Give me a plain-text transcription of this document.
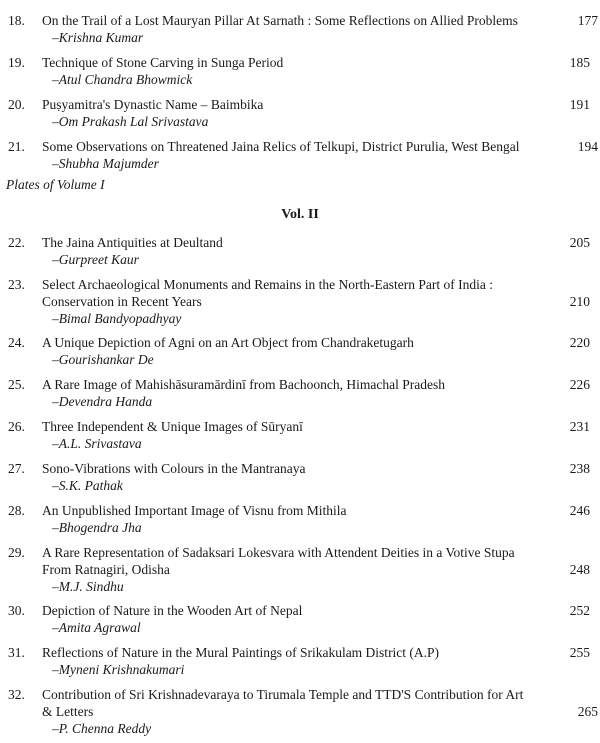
18.	On the Trail of a Lost Mauryan Pillar At Sarnath : Some Reflections on Allied Problems
–Krishna Kumar
177
19.	Technique of Stone Carving in Sunga Period
–Atul Chandra Bhowmick
185
20.	Puṣyamitra's Dynastic Name – Baimbika
–Om Prakash Lal Srivastava
191
21.	Some Observations on Threatened Jaina Relics of Telkupi, District Purulia, West Bengal
–Shubha Majumder
194
Plates of Volume I
Vol. II
22.	The Jaina Antiquities at Deultand
–Gurpreet Kaur
205
23.	Select Archaeological Monuments and Remains in the North-Eastern Part of India : Conservation in Recent Years
–Bimal Bandyopadhyay
210
24.	A Unique Depiction of Agni on an Art Object from Chandraketugarh
–Gourishankar De
220
25.	A Rare Image of Mahishāsuramārdinī from Bachoonch, Himachal Pradesh
–Devendra Handa
226
26.	Three Independent & Unique Images of Sūryanī
–A.L. Srivastava
231
27.	Sono-Vibrations with Colours in the Mantranaya
–S.K. Pathak
238
28.	An Unpublished Important Image of Visnu from Mithila
–Bhogendra Jha
246
29.	A Rare Representation of Sadaksari Lokesvara with Attendent Deities in a Votive Stupa From Ratnagiri, Odisha
–M.J. Sindhu
248
30.	Depiction of Nature in the Wooden Art of Nepal
–Amita Agrawal
252
31.	Reflections of Nature in the Mural Paintings of Srikakulam District (A.P)
–Myneni Krishnakumari
255
32.	Contribution of Sri Krishnadevaraya to Tirumala Temple and TTD'S Contribution for Art & Letters
–P. Chenna Reddy
265
